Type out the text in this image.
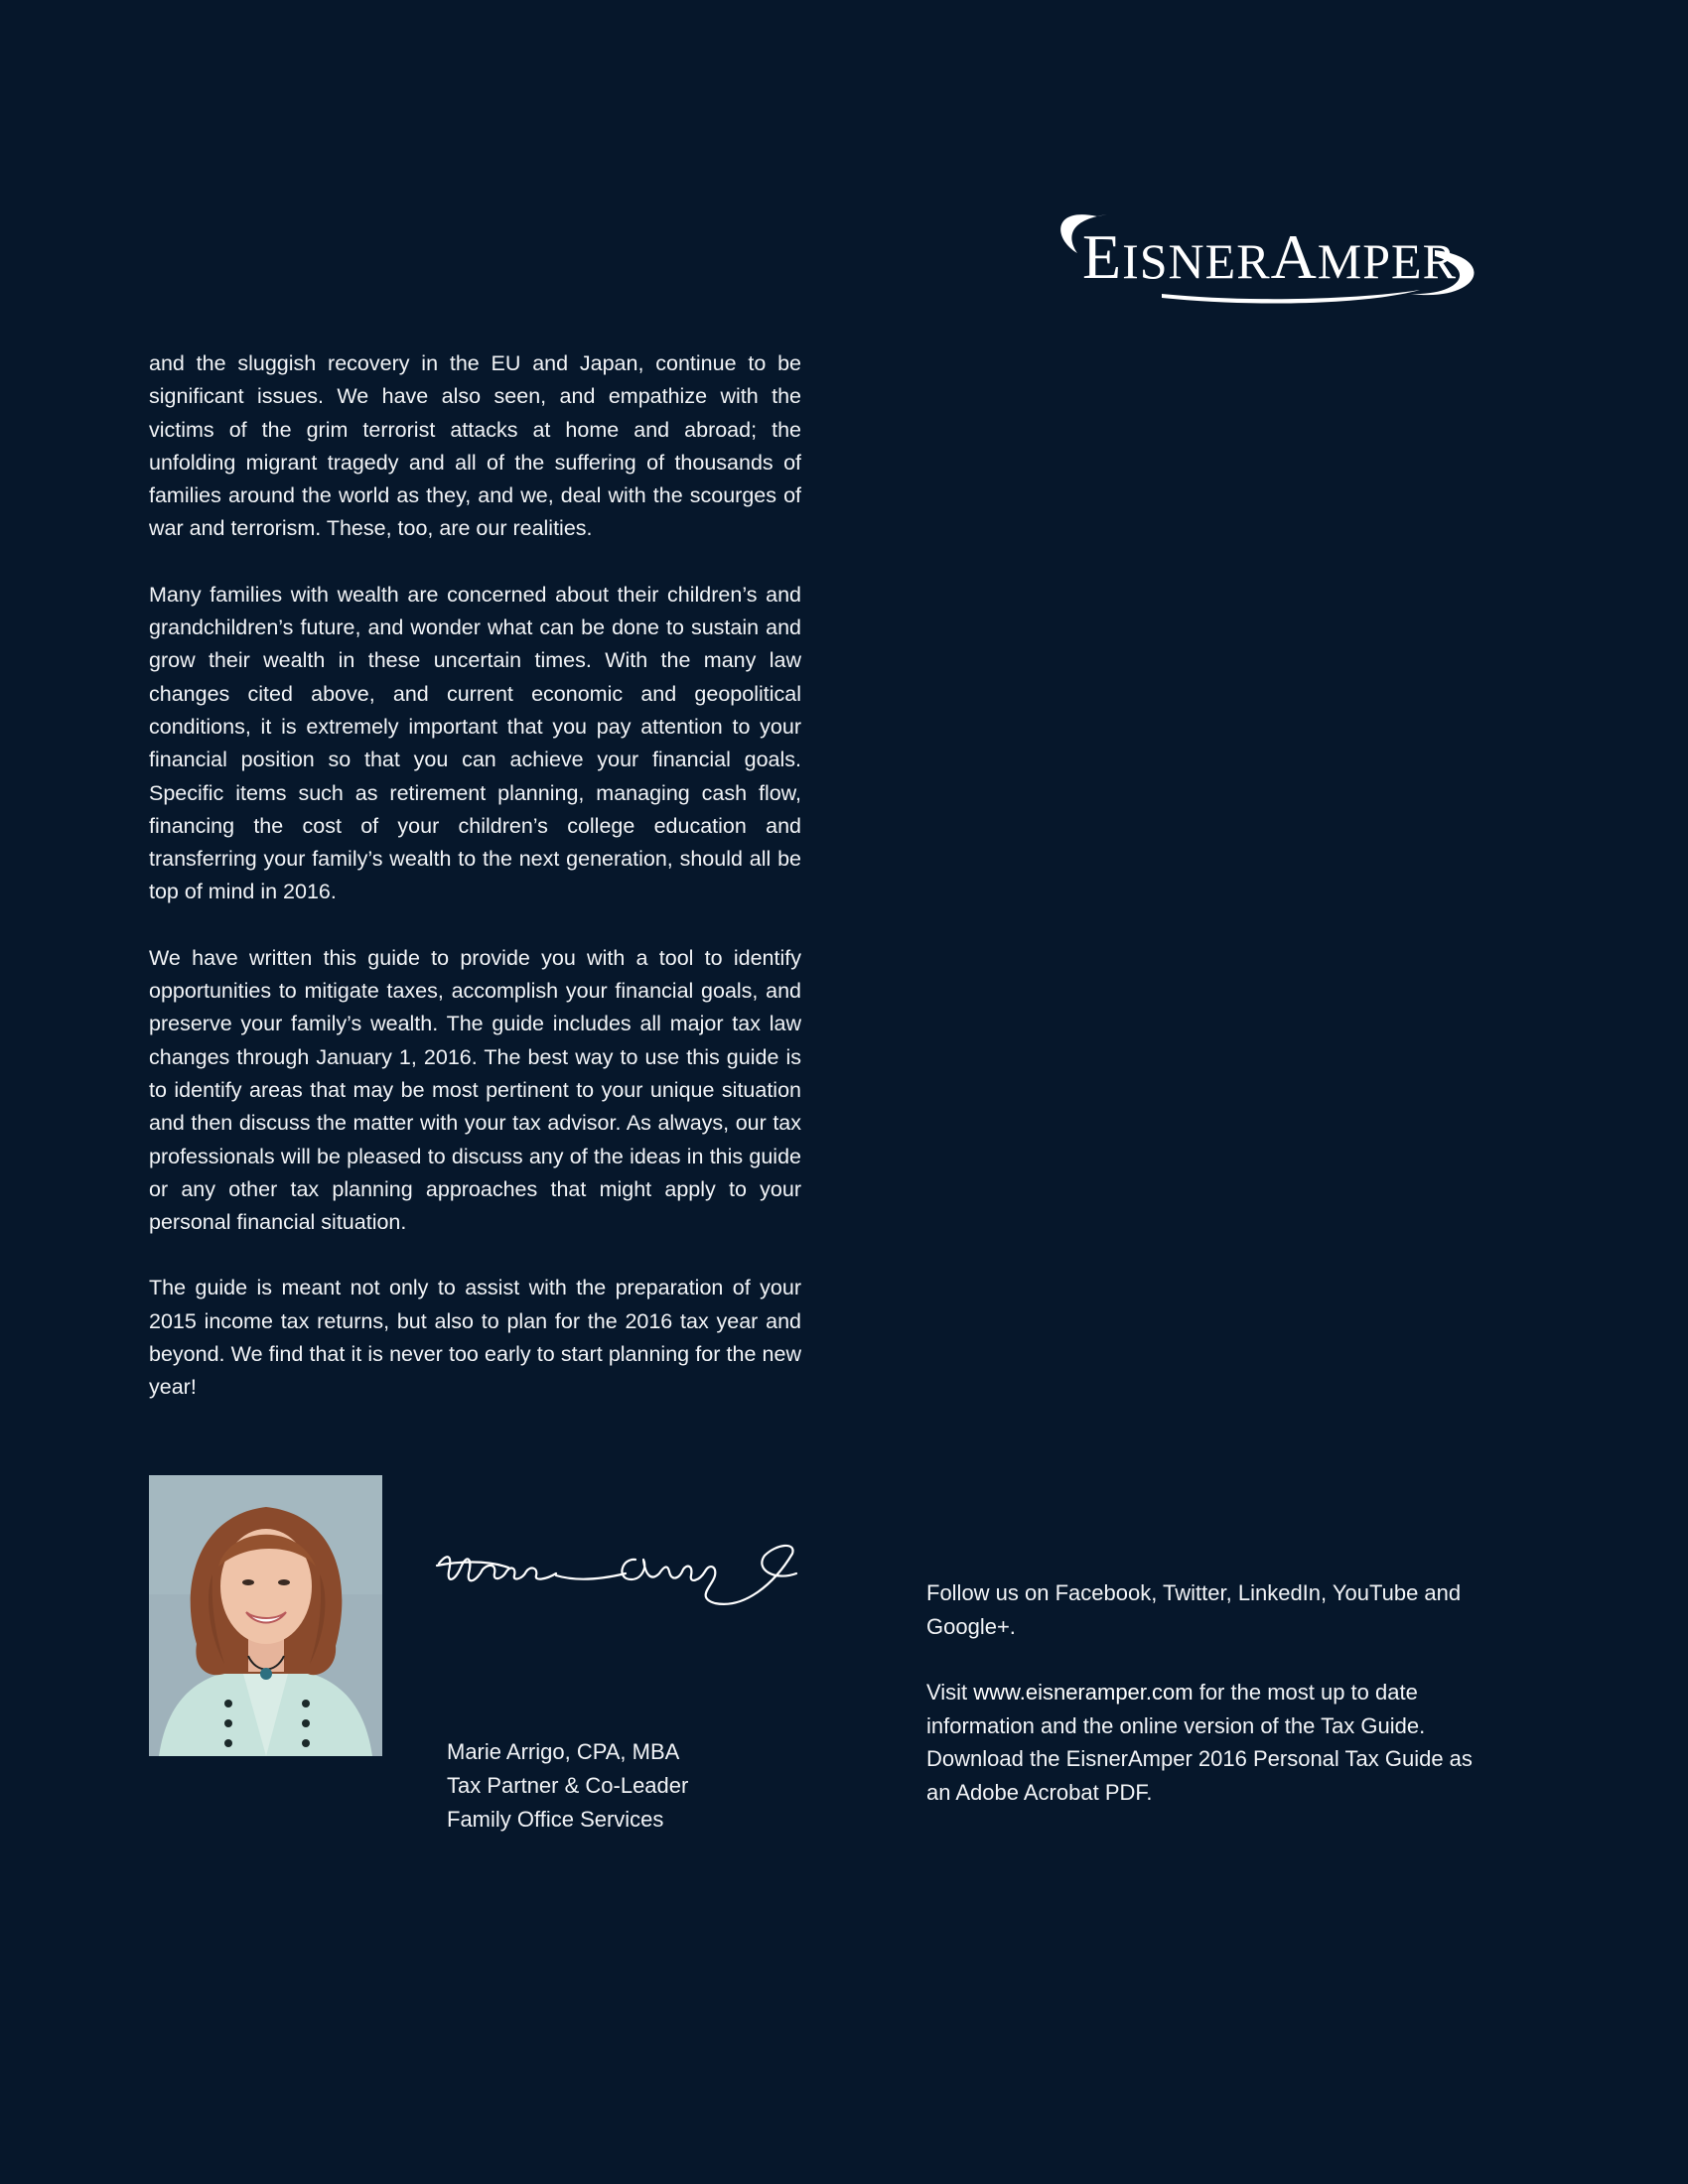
EISNERAMPER

and the sluggish recovery in the EU and Japan, continue to be significant issues. We have also seen, and empathize with the victims of the grim terrorist attacks at home and abroad; the unfolding migrant tragedy and all of the suffering of thousands of families around the world as they, and we, deal with the scourges of war and terrorism. These, too, are our realities.

Many families with wealth are concerned about their children’s and grandchildren’s future, and wonder what can be done to sustain and grow their wealth in these uncertain times. With the many law changes cited above, and current economic and geopolitical conditions, it is extremely important that you pay attention to your financial position so that you can achieve your financial goals. Specific items such as retirement planning, managing cash flow, financing the cost of your children’s college education and transferring your family’s wealth to the next generation, should all be top of mind in 2016.

We have written this guide to provide you with a tool to identify opportunities to mitigate taxes, accomplish your financial goals, and preserve your family’s wealth. The guide includes all major tax law changes through January 1, 2016. The best way to use this guide is to identify areas that may be most pertinent to your unique situation and then discuss the matter with your tax advisor. As always, our tax professionals will be pleased to discuss any of the ideas in this guide or any other tax planning approaches that might apply to your personal financial situation.

The guide is meant not only to assist with the preparation of your 2015 income tax returns, but also to plan for the 2016 tax year and beyond. We find that it is never too early to start planning for the new year!

Marie Arrigo, CPA, MBA
Tax Partner & Co-Leader
Family Office Services

Follow us on Facebook, Twitter, LinkedIn, YouTube and Google+.

Visit www.eisneramper.com for the most up to date information and the online version of the Tax Guide. Download the EisnerAmper 2016 Personal Tax Guide as an Adobe Acrobat PDF.
